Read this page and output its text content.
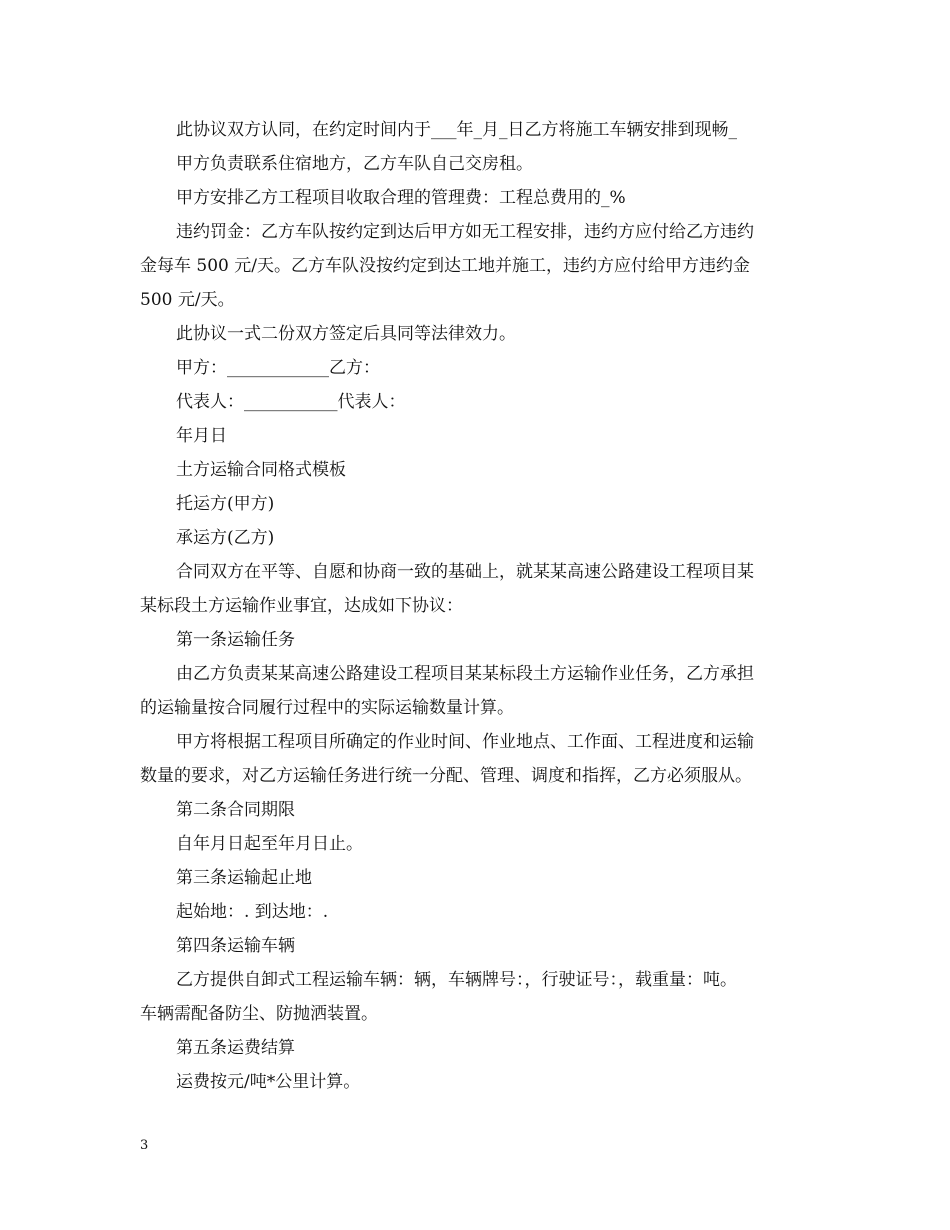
此协议双方认同，在约定时间内于___年_月_日乙方将施工车辆安排到现畅_
甲方负责联系住宿地方，乙方车队自己交房租。
甲方安排乙方工程项目收取合理的管理费：工程总费用的_%
违约罚金：乙方车队按约定到达后甲方如无工程安排，违约方应付给乙方违约
金每车 500 元/天。乙方车队没按约定到达工地并施工，违约方应付给甲方违约金
500 元/天。
此协议一式二份双方签定后具同等法律效力。
甲方：____________乙方：
代表人：___________代表人：
年月日
土方运输合同格式模板
托运方(甲方)
承运方(乙方)
合同双方在平等、自愿和协商一致的基础上，就某某高速公路建设工程项目某
某标段土方运输作业事宜，达成如下协议：
第一条运输任务
由乙方负责某某高速公路建设工程项目某某标段土方运输作业任务，乙方承担
的运输量按合同履行过程中的实际运输数量计算。
甲方将根据工程项目所确定的作业时间、作业地点、工作面、工程进度和运输
数量的要求，对乙方运输任务进行统一分配、管理、调度和指挥，乙方必须服从。
第二条合同期限
自年月日起至年月日止。
第三条运输起止地
起始地：. 到达地：.
第四条运输车辆
乙方提供自卸式工程运输车辆：辆，车辆牌号：，行驶证号：，载重量：吨。
车辆需配备防尘、防抛洒装置。
第五条运费结算
运费按元/吨*公里计算。
3
